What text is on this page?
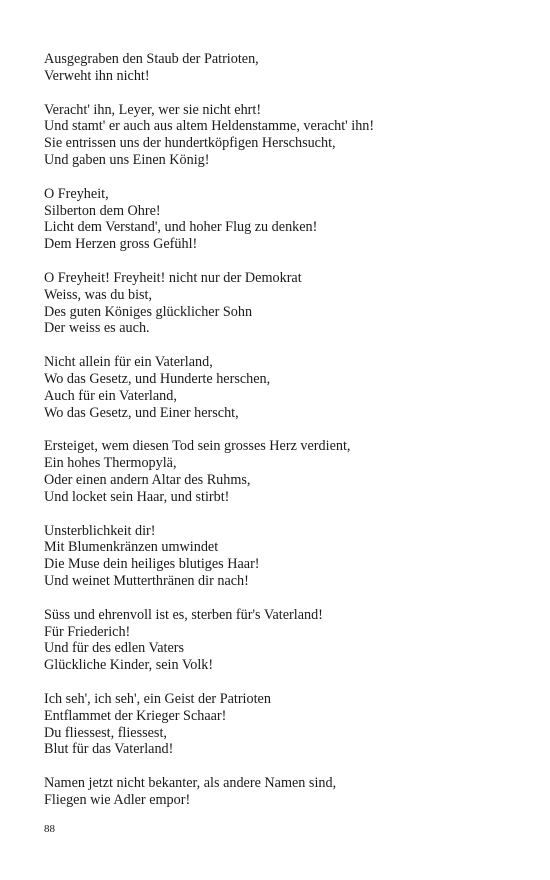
Ausgegraben den Staub der Patrioten,
Verweht ihn nicht!
Veracht' ihn, Leyer, wer sie nicht ehrt!
Und stamt' er auch aus altem Heldenstamme, veracht' ihn!
Sie entrissen uns der hundertköpfigen Herschsucht,
Und gaben uns Einen König!
O Freyheit,
Silberton dem Ohre!
Licht dem Verstand', und hoher Flug zu denken!
Dem Herzen gross Gefühl!
O Freyheit! Freyheit! nicht nur der Demokrat
Weiss, was du bist,
Des guten Königes glücklicher Sohn
Der weiss es auch.
Nicht allein für ein Vaterland,
Wo das Gesetz, und Hunderte herschen,
Auch für ein Vaterland,
Wo das Gesetz, und Einer herscht,
Ersteiget, wem diesen Tod sein grosses Herz verdient,
Ein hohes Thermopylä,
Oder einen andern Altar des Ruhms,
Und locket sein Haar, und stirbt!
Unsterblichkeit dir!
Mit Blumenkränzen umwindet
Die Muse dein heiliges blutiges Haar!
Und weinet Mutterthränen dir nach!
Süss und ehrenvoll ist es, sterben für's Vaterland!
Für Friederich!
Und für des edlen Vaters
Glückliche Kinder, sein Volk!
Ich seh', ich seh', ein Geist der Patrioten
Entflammet der Krieger Schaar!
Du fliessest, fliessest,
Blut für das Vaterland!
Namen jetzt nicht bekanter, als andere Namen sind,
Fliegen wie Adler empor!
88
